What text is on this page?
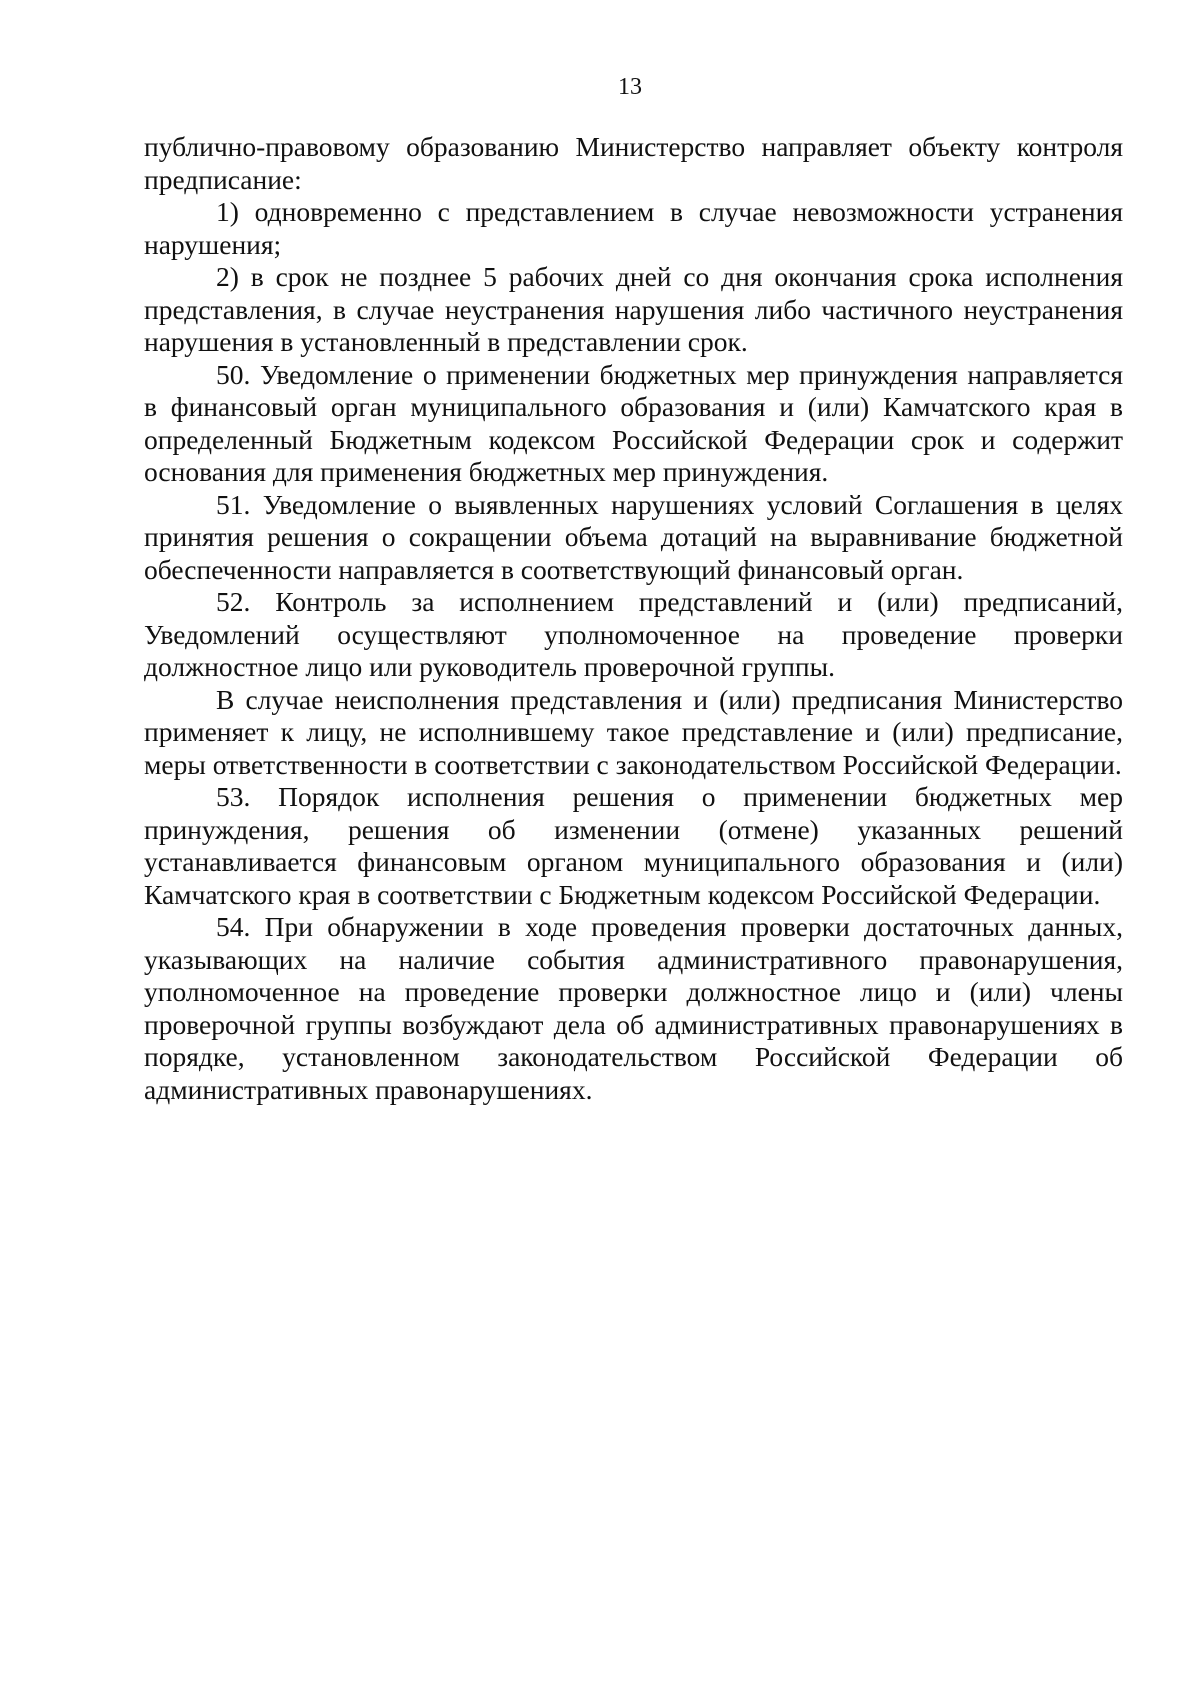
13

публично-правовому образованию Министерство направляет объекту контроля предписание:

1) одновременно с представлением в случае невозможности устранения нарушения;

2) в срок не позднее 5 рабочих дней со дня окончания срока исполнения представления, в случае неустранения нарушения либо частичного неустранения нарушения в установленный в представлении срок.

50. Уведомление о применении бюджетных мер принуждения направляется в финансовый орган муниципального образования и (или) Камчатского края в определенный Бюджетным кодексом Российской Федерации срок и содержит основания для применения бюджетных мер принуждения.

51. Уведомление о выявленных нарушениях условий Соглашения в целях принятия решения о сокращении объема дотаций на выравнивание бюджетной обеспеченности направляется в соответствующий финансовый орган.

52. Контроль за исполнением представлений и (или) предписаний, Уведомлений осуществляют уполномоченное на проведение проверки должностное лицо или руководитель проверочной группы.

В случае неисполнения представления и (или) предписания Министерство применяет к лицу, не исполнившему такое представление и (или) предписание, меры ответственности в соответствии с законодательством Российской Федерации.

53. Порядок исполнения решения о применении бюджетных мер принуждения, решения об изменении (отмене) указанных решений устанавливается финансовым органом муниципального образования и (или) Камчатского края в соответствии с Бюджетным кодексом Российской Федерации.

54. При обнаружении в ходе проведения проверки достаточных данных, указывающих на наличие события административного правонарушения, уполномоченное на проведение проверки должностное лицо и (или) члены проверочной группы возбуждают дела об административных правонарушениях в порядке, установленном законодательством Российской Федерации об административных правонарушениях.
